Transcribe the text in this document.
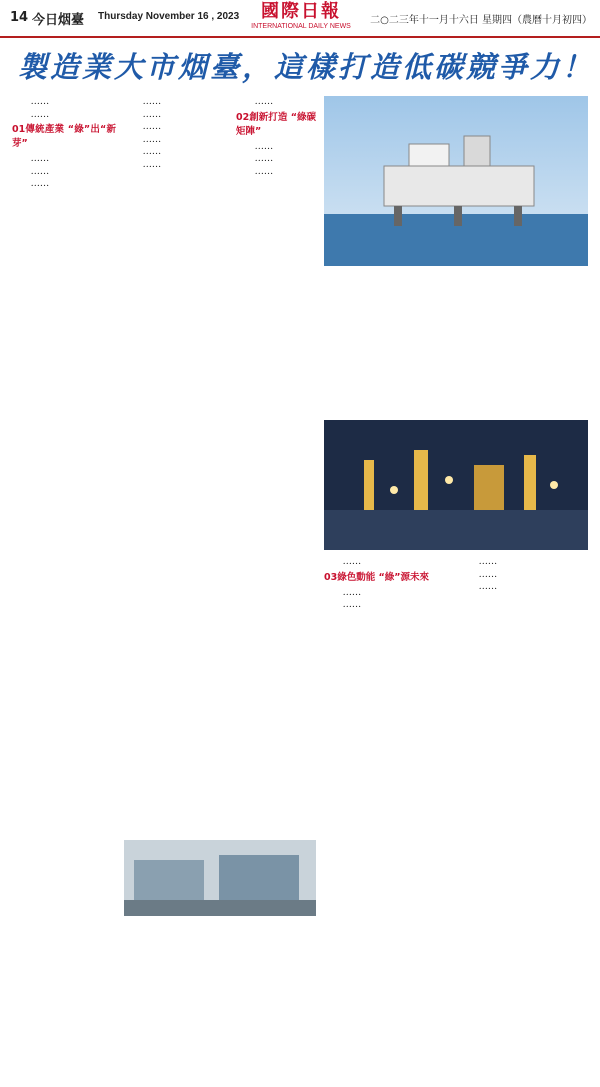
14 今日烟臺 Thursday November 16 , 2023	國際日報
INTERNATIONAL DAILY NEWS
二○二三年十一月十六日 星期四（農曆十月初四）
製造業大市烟臺，這樣打造低碳競爭力！

……

……

01傳統產業 “綠”出“新芽”

……

……

……

……

……

……

……

……

……

……

02創新打造 “綠碳矩陣”

……

……

……

……

03綠色動能 “綠”源未來

……

……

……

……

……
